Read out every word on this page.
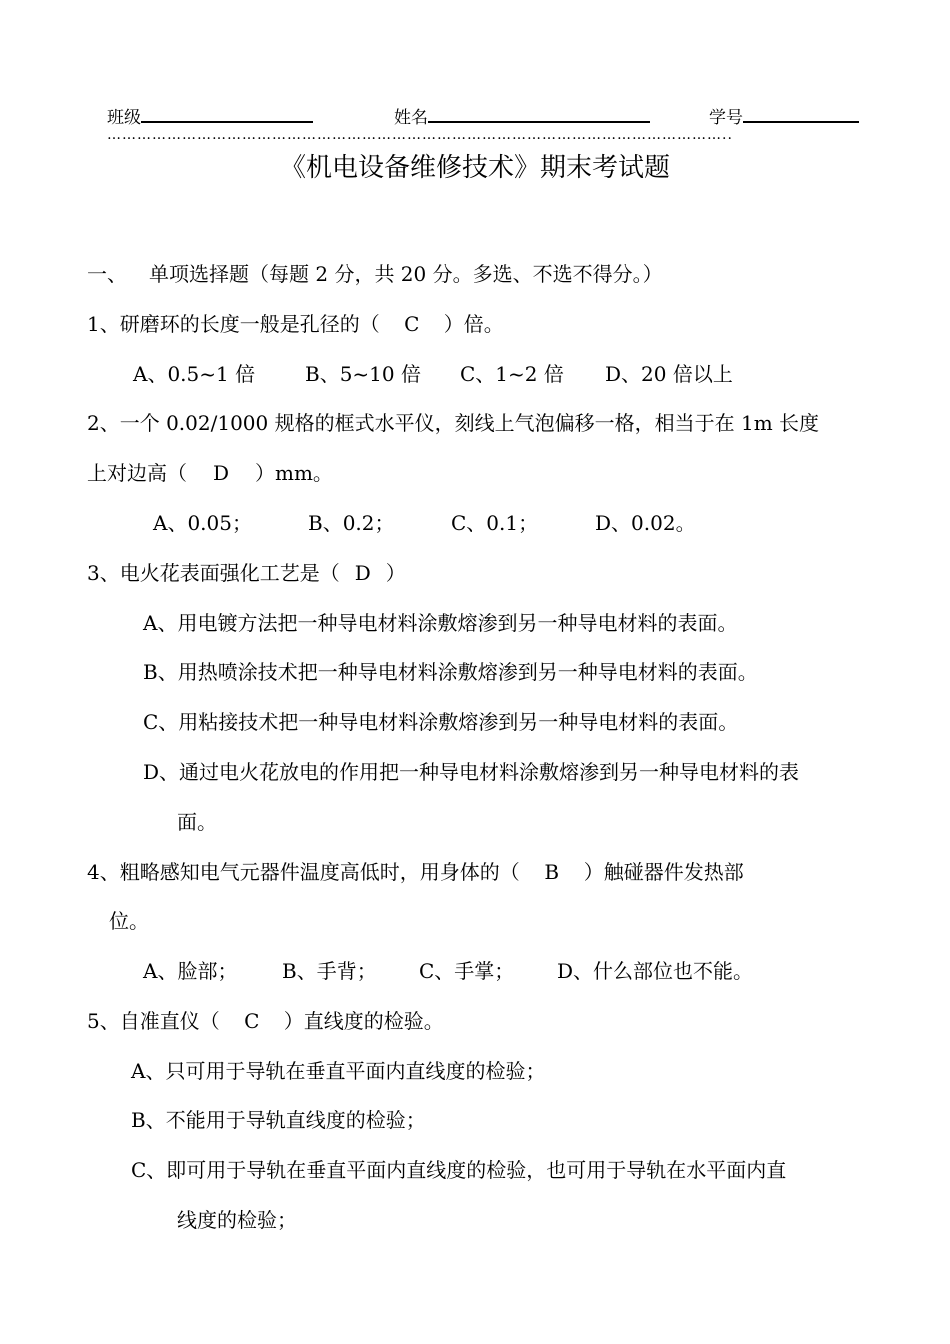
班级	姓名	学号
……………………………………………………………………………………………………………..
《机电设备维修技术》期末考试题
一、 单项选择题（每题 2 分，共 20 分。多选、不选不得分。）
1、研磨环的长度一般是孔径的（ C ）倍。
A、0.5~1 倍 B、5~10 倍 C、1~2 倍 D、20 倍以上
2、一个 0.02/1000 规格的框式水平仪，刻线上气泡偏移一格，相当于在 1m 长度
上对边高（ D ）mm。
A、0.05；	B、0.2；	C、0.1；	D、0.02。
3、电火花表面强化工艺是（ D ）
A、用电镀方法把一种导电材料涂敷熔渗到另一种导电材料的表面。
B、用热喷涂技术把一种导电材料涂敷熔渗到另一种导电材料的表面。
C、用粘接技术把一种导电材料涂敷熔渗到另一种导电材料的表面。
D、通过电火花放电的作用把一种导电材料涂敷熔渗到另一种导电材料的表
面。
4、粗略感知电气元器件温度高低时，用身体的（ B ）触碰器件发热部
位。
A、脸部； B、手背； C、手掌； D、什么部位也不能。
5、自准直仪（ C ）直线度的检验。
A、只可用于导轨在垂直平面内直线度的检验；
B、不能用于导轨直线度的检验；
C、即可用于导轨在垂直平面内直线度的检验，也可用于导轨在水平面内直
线度的检验；
